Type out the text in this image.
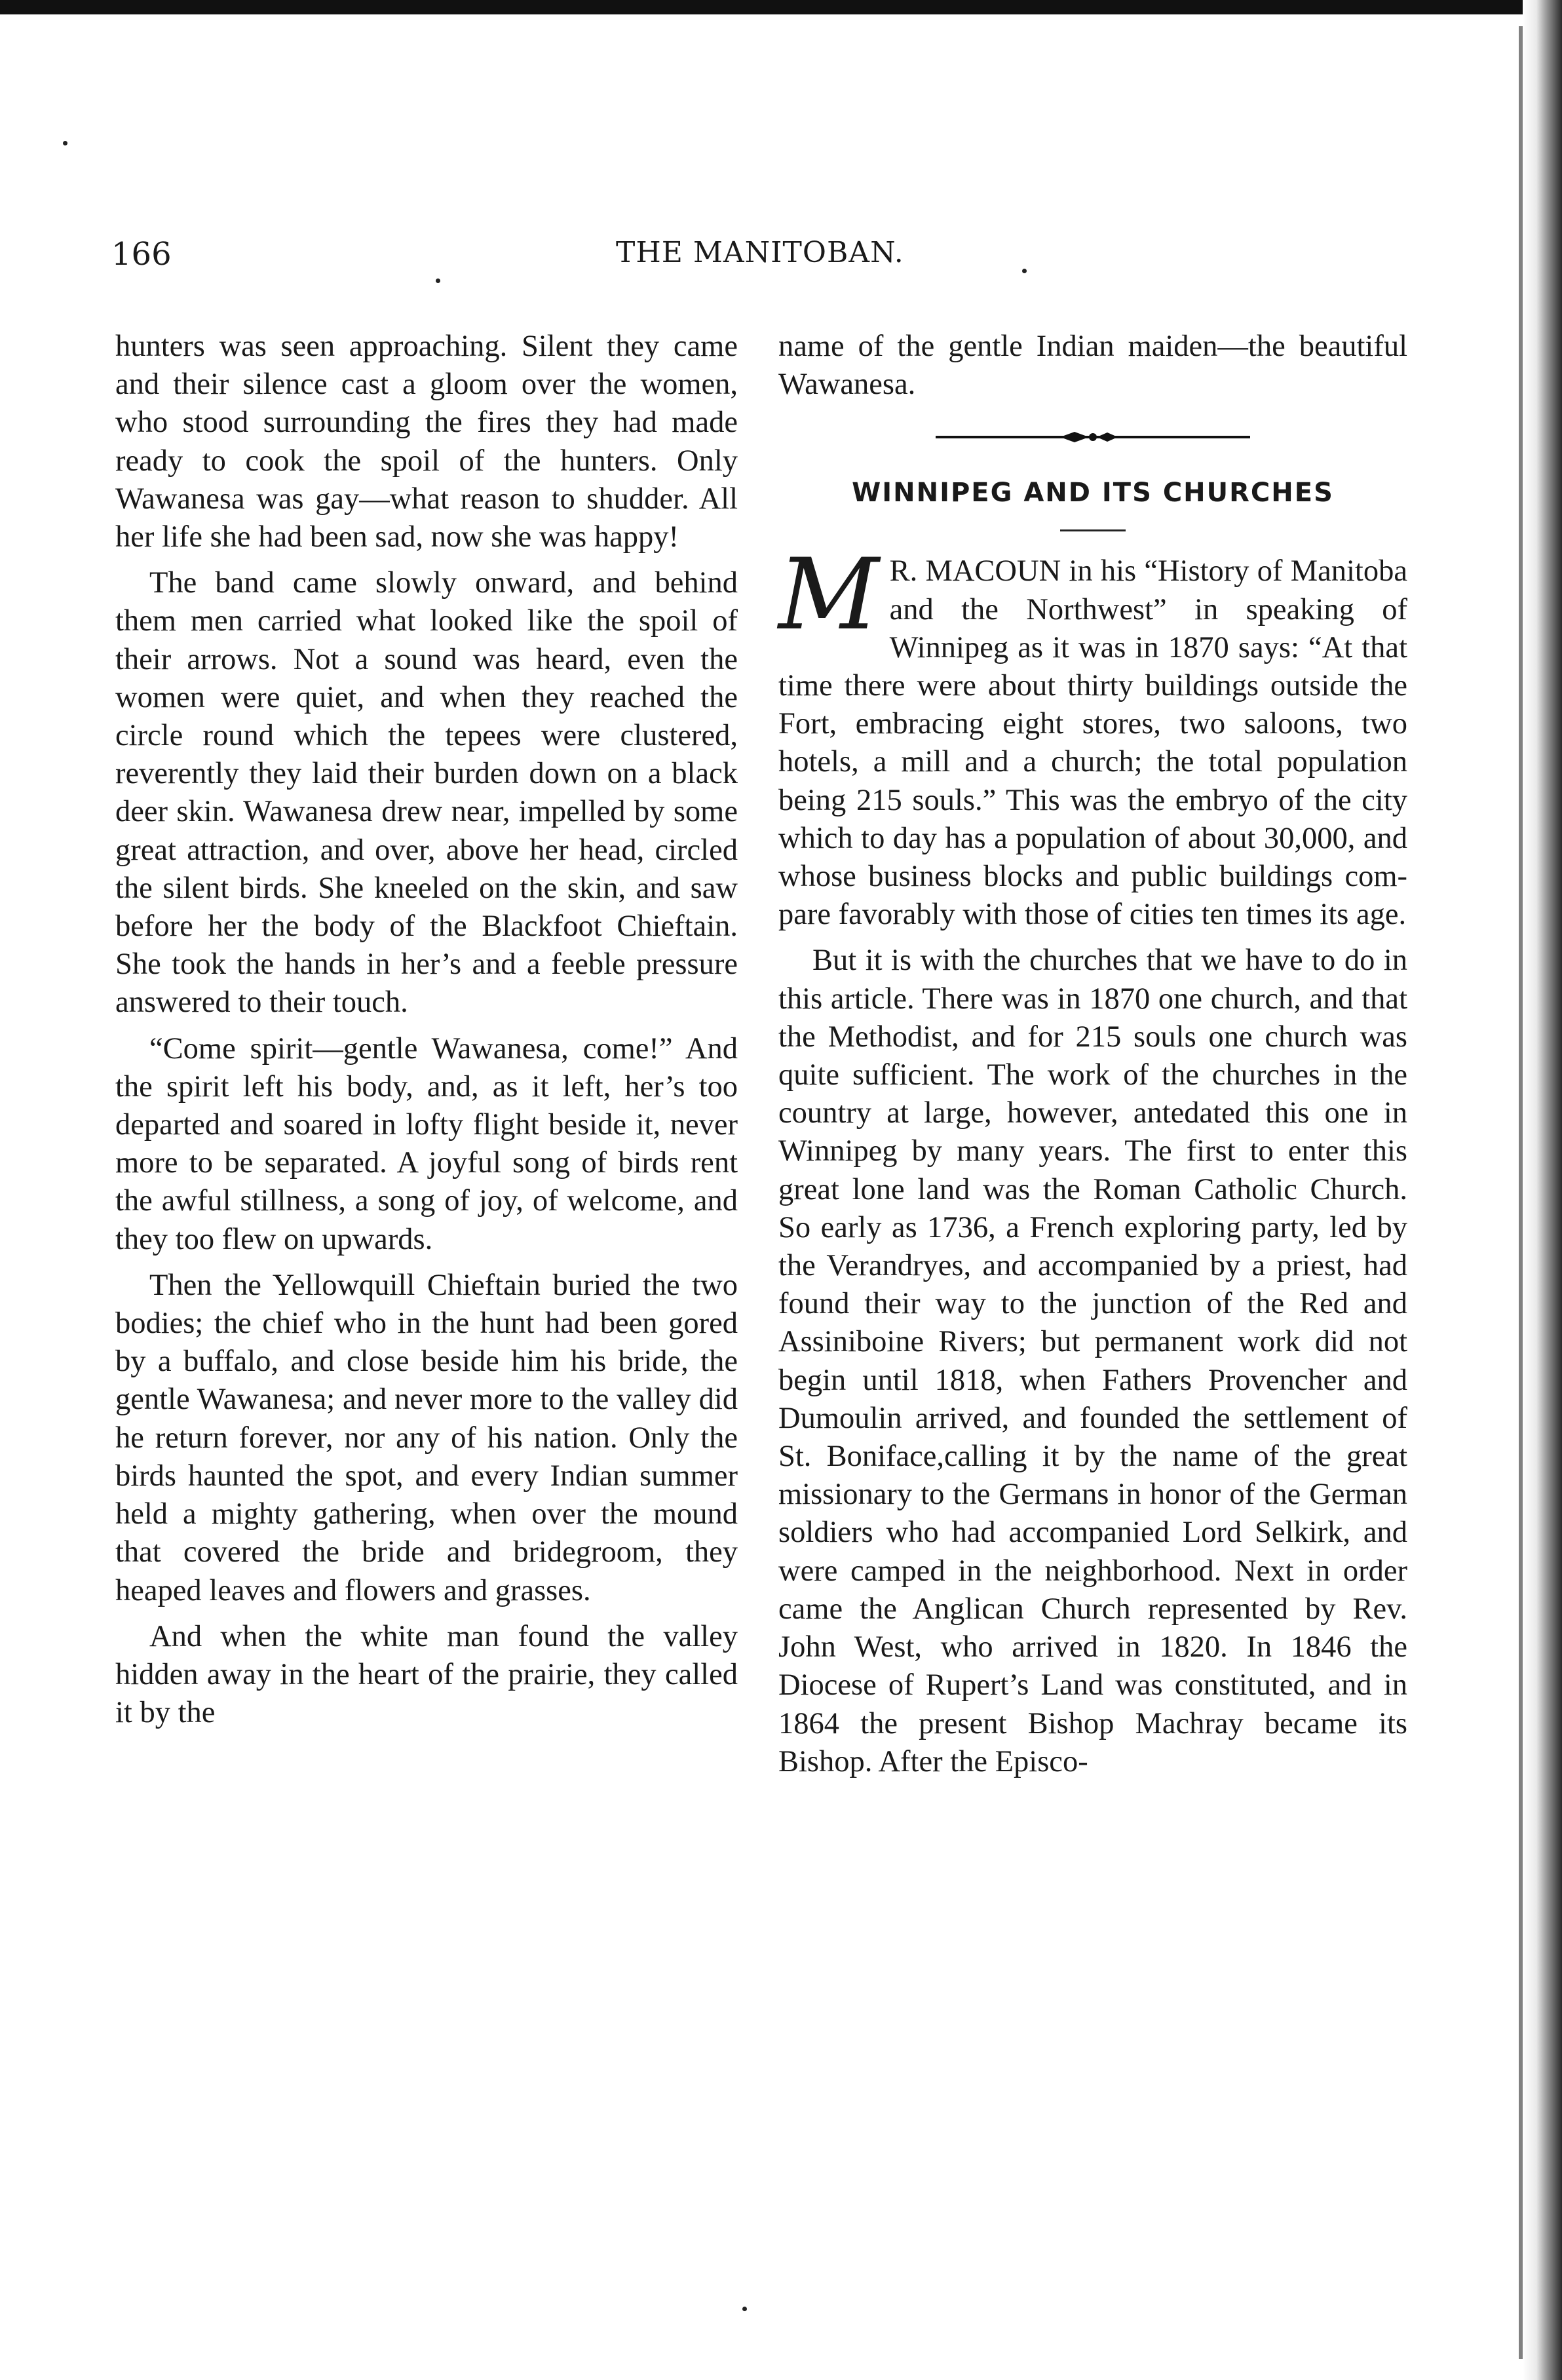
166	THE MANITOBAN.

hunters was seen approaching. Silent they came and their silence cast a gloom over the women, who stood surrounding the fires they had made ready to cook the spoil of the hunters. Only Wawanesa was gay—what reason to shudder. All her life she had been sad, now she was happy!

The band came slowly onward, and behind them men carried what looked like the spoil of their arrows. Not a sound was heard, even the women were quiet, and when they reached the circle round which the tepees were clustered, reverently they laid their burden down on a black deer skin. Wawanesa drew near, impelled by some great attraction, and over, above her head, circled the silent birds. She kneeled on the skin, and saw before her the body of the Blackfoot Chieftain. She took the hands in her’s and a feeble pressure answered to their touch.

“Come spirit—gentle Wawanesa, come!” And the spirit left his body, and, as it left, her’s too departed and soared in lofty flight beside it, never more to be separated. A joyful song of birds rent the awful stillness, a song of joy, of welcome, and they too flew on upwards.

Then the Yellowquill Chieftain buried the two bodies; the chief who in the hunt had been gored by a buffalo, and close beside him his bride, the gentle Wawanesa; and never more to the valley did he return forever, nor any of his nation. Only the birds haunted the spot, and every Indian summer held a mighty gathering, when over the mound that covered the bride and bridegroom, they heaped leaves and flowers and grasses.

And when the white man found the valley hidden away in the heart of the prairie, they called it by the

name of the gentle Indian maiden—the beautiful Wawanesa.

WINNIPEG AND ITS CHURCHES

M R. MACOUN in his “History of Manitoba and the Northwest” in speaking of Winnipeg as it was in 1870 says: “At that time there were about thirty buildings outside the Fort, embracing eight stores, two saloons, two hotels, a mill and a church; the total population being 215 souls.” This was the embryo of the city which to day has a population of about 30,000, and whose business blocks and public buildings compare favorably with those of cities ten times its age.

But it is with the churches that we have to do in this article. There was in 1870 one church, and that the Methodist, and for 215 souls one church was quite sufficient. The work of the churches in the country at large, however, antedated this one in Winnipeg by many years. The first to enter this great lone land was the Roman Catholic Church. So early as 1736, a French exploring party, led by the Verandryes, and accompanied by a priest, had found their way to the junction of the Red and Assiniboine Rivers; but permanent work did not begin until 1818, when Fathers Provencher and Dumoulin arrived, and founded the settlement of St. Boniface,calling it by the name of the great missionary to the Germans in honor of the German soldiers who had accompanied Lord Selkirk, and were camped in the neighborhood. Next in order came the Anglican Church represented by Rev. John West, who arrived in 1820. In 1846 the Diocese of Rupert’s Land was constituted, and in 1864 the present Bishop Machray became its Bishop. After the Episco-
